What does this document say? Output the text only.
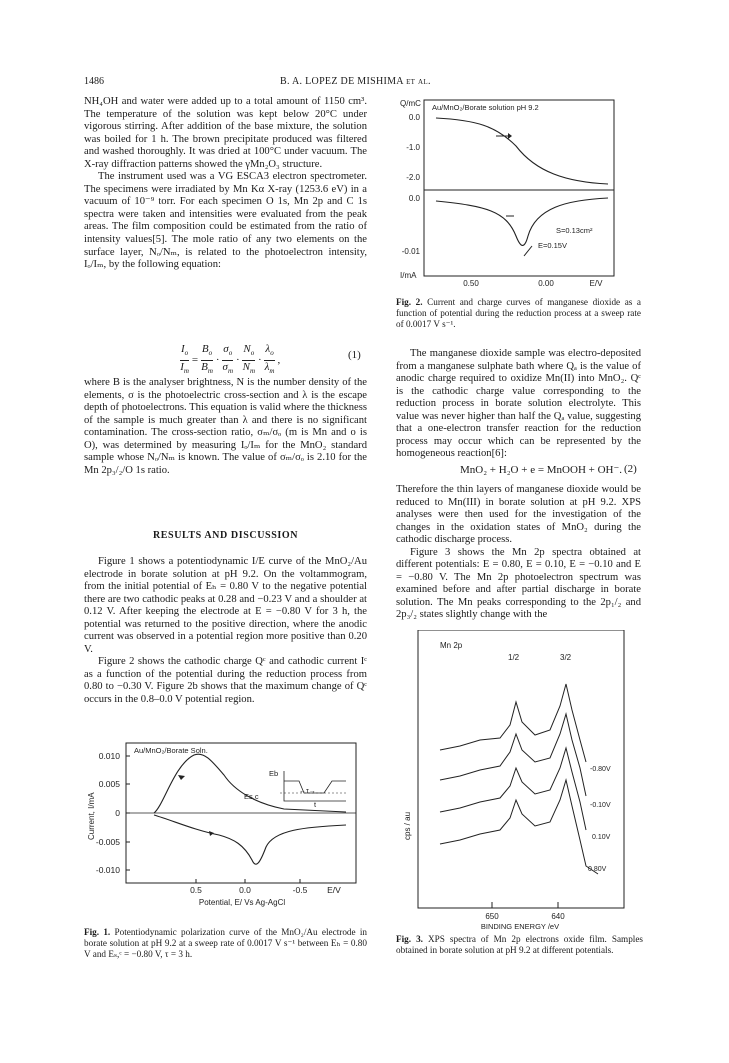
1486	B. A. LOPEZ DE MISHIMA et al.

NH₄OH and water were added up to a total amount of 1150 cm³. The temperature of the solution was kept below 20°C under vigorous stirring. After addition of the base mixture, the solution was boiled for 1 h. The brown precipitate produced was filtered and washed thoroughly. It was dried at 100°C under vacuum. The X-ray diffraction patterns showed the γMn₂O₃ structure.

The instrument used was a VG ESCA3 electron spectrometer. The specimens were irradiated by Mn Kα X-ray (1253.6 eV) in a vacuum of 10⁻⁹ torr. For each specimen O 1s, Mn 2p and C 1s spectra were taken and intensities were evaluated from the peak areas. The film composition could be estimated from the ratio of intensity values[5]. The mole ratio of any two elements on the surface layer, Nₒ/Nₘ, is related to the photoelectron intensity, Iₒ/Iₘ, by the following equation:

$\frac{I_o}{I_m} = \frac{B_o}{B_m} \cdot \frac{\sigma_o}{\sigma_m} \cdot \frac{N_o}{N_m} \cdot \frac{\lambda_o}{\lambda_m}$ ,	(1)

where B is the analyser brightness, N is the number density of the elements, σ is the photoelectric cross-section and λ is the escape depth of photoelectrons. This equation is valid where the thickness of the sample is much greater than λ and there is no significant contamination. The cross-section ratio, σₘ/σₒ (m is Mn and o is O), was determined by measuring Iₒ/Iₘ for the MnO₂ standard sample whose Nₒ/Nₘ is known. The value of σₘ/σₒ is 2.10 for the Mn 2p₃/₂/O 1s ratio.

RESULTS AND DISCUSSION

Figure 1 shows a potentiodynamic I/E curve of the MnO₂/Au electrode in borate solution at pH 9.2. On the voltammogram, from the initial potential of Eₕ = 0.80 V to the negative potential there are two cathodic peaks at 0.28 and −0.23 V and a shoulder at 0.12 V. After keeping the electrode at E = −0.80 V for 3 h, the potential was returned to the positive direction, where the anodic current was observed in a potential region more positive than 0.20 V.

Figure 2 shows the cathodic charge Qᶜ and cathodic current Iᶜ as a function of the potential during the reduction process from 0.80 to −0.30 V. Figure 2b shows that the maximum change of Qᶜ occurs in the 0.8–0.0 V potential region.

0.010
0.005
0
-0.005
-0.010
0.5	0.0	-0.5 E/V
Potential, E/ Vs Ag-AgCl
Current, I/mA
Au/MnO₂/Borate Soln.
Eb
Es,c
t
←τ→
Fig. 1. Potentiodynamic polarization curve of the MnO₂/Au electrode in borate solution at pH 9.2 at a sweep rate of 0.0017 V s⁻¹ between Eₕ = 0.80 V and Eₛ,ᶜ = −0.80 V, τ = 3 h.
Q/mC
0.0
-1.0
-2.0
0.0
-0.01
I/mA
0.50	0.00	E/V
Au/MnO₂/Borate solution pH 9.2
S=0.13cm²
E=0.15V
Fig. 2. Current and charge curves of manganese dioxide as a function of potential during the reduction process at a sweep rate of 0.0017 V s⁻¹.

The manganese dioxide sample was electro-deposited from a manganese sulphate bath where Qₐ is the value of anodic charge required to oxidize Mn(II) into MnO₂. Qᶜ is the cathodic charge value corresponding to the reduction process in borate solution electrolyte. This value was never higher than half the Qₐ value, suggesting that a one-electron transfer reaction for the reduction process may occur which can be represented by the homogeneous reaction[6]:

MnO₂ + H₂O + e = MnOOH + OH⁻. (2)

Therefore the thin layers of manganese dioxide would be reduced to Mn(III) in borate solution at pH 9.2. XPS analyses were then used for the investigation of the changes in the oxidation states of MnO₂ during the cathodic discharge process.

Figure 3 shows the Mn 2p spectra obtained at different potentials: E = 0.80, E = 0.10, E = −0.10 and E = −0.80 V. The Mn 2p photoelectron spectrum was examined before and after partial discharge in borate solution. The Mn peaks corresponding to the 2p₁/₂ and 2p₃/₂ states slightly change with the

Mn 2p
1/2	3/2
cps / au
-0.80V
-0.10V
0.10V
0.80V
650	640
BINDING ENERGY /eV
Fig. 3. XPS spectra of Mn 2p electrons oxide film. Samples obtained in borate solution at pH 9.2 at different potentials.
